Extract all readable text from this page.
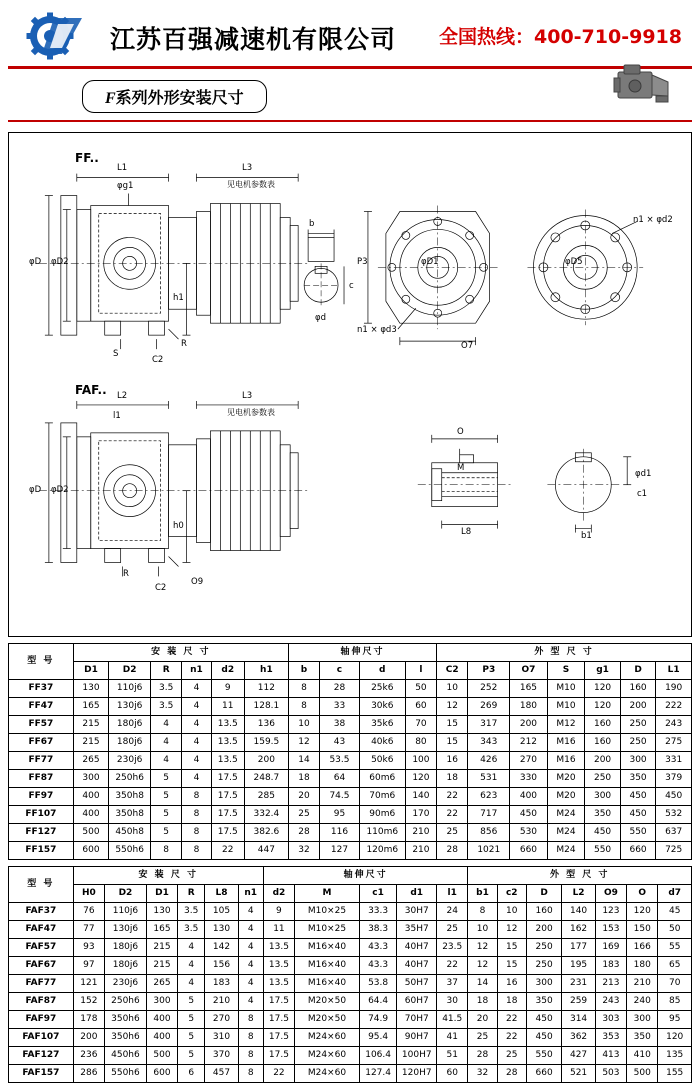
江苏百强减速机有限公司 全国热线：400-710-9918
F系列外形安装尺寸
FF..
FAF..
L1	L3
见电机参数表
φD φD2
φg1
h1
b
c
φd
S
R
C2
P3	φD1
n1 × φd3
O7
φD5
n1 × φd2
L2	L3
见电机参数表
l1
φD φD2
h0
R
C2
O9
M
O
L8
φd1
c1
b1
型 号	安 装 尺 寸						轴伸尺寸				外 型 尺 寸						
	D1	D2	R	n1	d2	h1	b	c	d	l	C2	P3	O7	S	g1	D	L1
FF37	130	110j6	3.5	4	9	112	8	28	25k6	50	10	252	165	M10	120	160	190
FF47	165	130j6	3.5	4	11	128.1	8	33	30k6	60	12	269	180	M10	120	200	222
FF57	215	180j6	4	4	13.5	136	10	38	35k6	70	15	317	200	M12	160	250	243
FF67	215	180j6	4	4	13.5	159.5	12	43	40k6	80	15	343	212	M16	160	250	275
FF77	265	230j6	4	4	13.5	200	14	53.5	50k6	100	16	426	270	M16	200	300	331
FF87	300	250h6	5	4	17.5	248.7	18	64	60m6	120	18	531	330	M20	250	350	379
FF97	400	350h8	5	8	17.5	285	20	74.5	70m6	140	22	623	400	M20	300	450	450
FF107	400	350h8	5	8	17.5	332.4	25	95	90m6	170	22	717	450	M24	350	450	532
FF127	500	450h8	5	8	17.5	382.6	28	116	110m6	210	25	856	530	M24	450	550	637
FF157	600	550h6	8	8	22	447	32	127	120m6	210	28	1021	660	M24	550	660	725
型 号	安 装 尺 寸						轴伸尺寸					外 型 尺 寸						
	H0	D2	D1	R	L8	n1	d2	M	c1	d1	l1	b1	c2	D	L2	O9	O	d7
FAF37	76	110j6	130	3.5	105	4	9	M10×25	33.3	30H7	24	8	10	160	140	123	120	45
FAF47	77	130j6	165	3.5	130	4	11	M10×25	38.3	35H7	25	10	12	200	162	153	150	50
FAF57	93	180j6	215	4	142	4	13.5	M16×40	43.3	40H7	23.5	12	15	250	177	169	166	55
FAF67	97	180j6	215	4	156	4	13.5	M16×40	43.3	40H7	22	12	15	250	195	183	180	65
FAF77	121	230j6	265	4	183	4	13.5	M16×40	53.8	50H7	37	14	16	300	231	213	210	70
FAF87	152	250h6	300	5	210	4	17.5	M20×50	64.4	60H7	30	18	18	350	259	243	240	85
FAF97	178	350h6	400	5	270	8	17.5	M20×50	74.9	70H7	41.5	20	22	450	314	303	300	95
FAF107	200	350h6	400	5	310	8	17.5	M24×60	95.4	90H7	41	25	22	450	362	353	350	120
FAF127	236	450h6	500	5	370	8	17.5	M24×60	106.4	100H7	51	28	25	550	427	413	410	135
FAF157	286	550h6	600	6	457	8	22	M24×60	127.4	120H7	60	32	28	660	521	503	500	155
